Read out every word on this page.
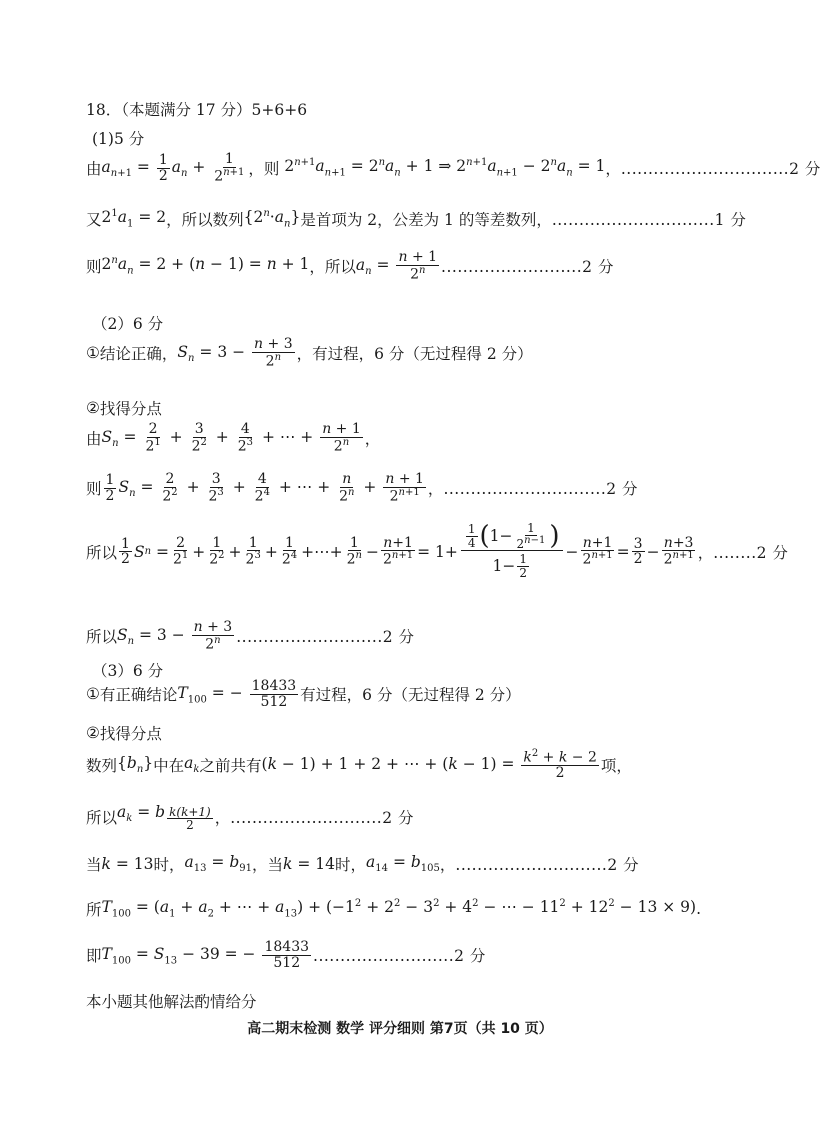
18．（本题满分 17 分）5+6+6
(1)5 分
由 $a_{n+1} = \frac{1}{2} a_n + \frac{1}{2^{n+1}}$ ，则 $2^{n+1}a_{n+1} = 2^na_n + 1$ ⇒ $2^{n+1}a_{n+1} - 2^na_n = 1$ ， ...............................2 分
又 $2^1a_1 = 2$ ，所以数列 $\{2^n\cdot a_n\}$ 是首项为 2，公差为 1 的等差数列， ..............................1 分
则 $2^na_n = 2 + (n - 1) = n + 1$ ，所以 $a_n = \frac{n + 1}{2^n} ..........................2$ 分
（2）6 分
① 结论正确， $S_n = 3 - \frac{n + 3}{2^n}$ ，有过程，6 分（无过程得 2 分）
② 找得分点
由 $S_n = \frac{2}{2^1} + \frac{3}{2^2} + \frac{4}{2^3}$ + ⋯ + $\frac{n + 1}{2^n}$ ，
则 $\frac{1}{2} S_n = \frac{2}{2^2} + \frac{3}{2^3} + \frac{4}{2^4}$ + ⋯ + $\frac{n}{2^n} + \frac{n + 1}{2^{n+1}}$ ， ..............................2 分
所以 $\frac{1}{2}$ S $n = \frac{2}{2^1} + \frac{1}{2^2} + \frac{1}{2^3} + \frac{1}{2^4}$ +⋯+ $\frac{1}{2^n} - \frac{n+1}{2^{n+1}} = 1+$
$\frac{1}{4}$ ( $1- \frac{1}{2^{n-1}}$ )
$1- \frac{1}{2}$
− $\frac{n+1}{2^{n+1}} = \frac{3}{2} - \frac{n+3}{2^{n+1}}$ ， ........2 分
所以 $S_n = 3 - \frac{n + 3}{2^n} ...........................2$ 分
（3）6 分
① 有正确结论 $T_{100}$ = − $\frac{18433}{512}$ 有过程，6 分（无过程得 2 分）
② 找得分点
数列 $\{b_n\}$ 中在 $a_k$ 之前共有 (k − 1) + 1 + 2 + ⋯ + $(k - 1) = \frac{k^2 + k - 2}{2}$ 项，
所以 $a_k = b$ $_{\frac{k(k+1)}{2}}$ ， ............................2 分
当 k = 13 时， $a_{13} = b_{91}$ ，当 k = 14 时， $a_{14} = b_{105}$ ， ............................2 分
所 $T_{100} = (a_1 + a_2$ + ⋯ + $a_{13}) + (-1^2 + 2^2 - 3^2 + 4^2$ − ⋯ − $11^2 + 12^2 - 13 \times 9$) .
即 $T_{100} = S_{13} - 39$ = − $\frac{18433}{512} ..........................2$ 分
本小题其他解法酌情给分
高二期末检测 数学 评分细则 第7页（共 10 页）
